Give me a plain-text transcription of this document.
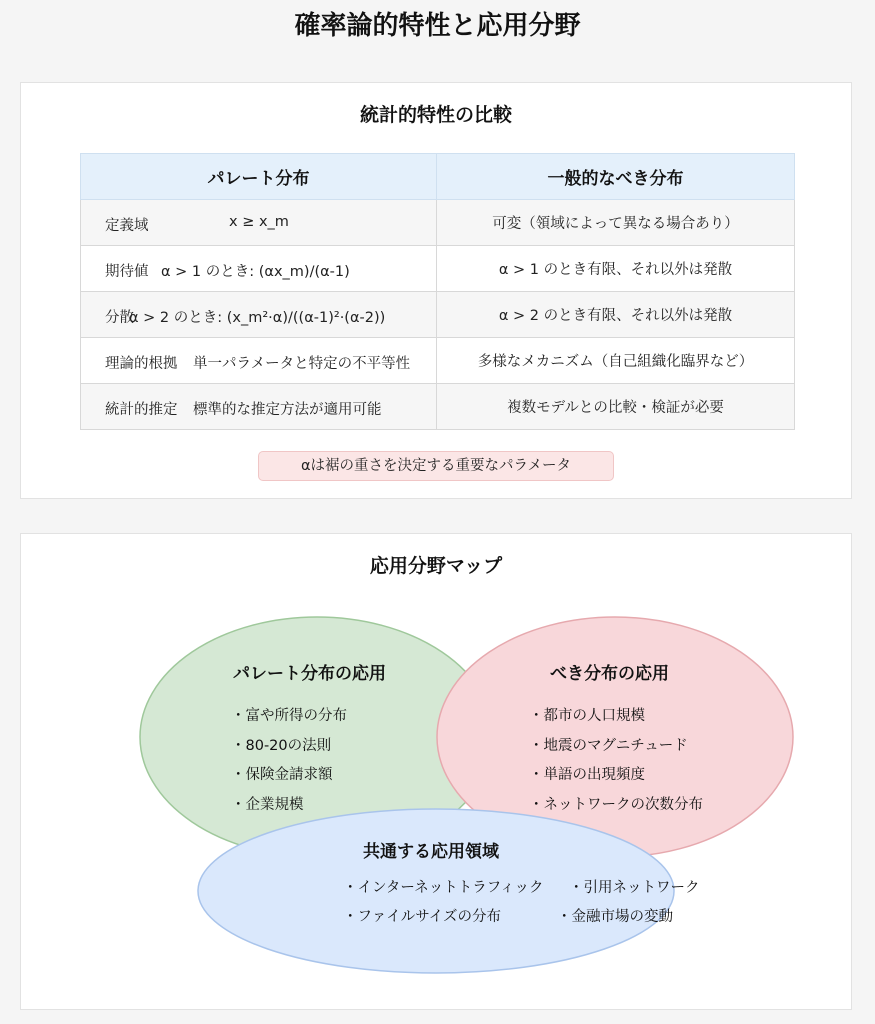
確率論的特性と応用分野
統計的特性の比較
パレート分布	一般的なべき分布

定義域 x ≥ x_m	可変（領域によって異なる場合あり）

期待値 α > 1 のとき: (αx_m)/(α-1)	α > 1 のとき有限、それ以外は発散

分散
α > 2 のとき: (x_m²·α)/((α-1)²·(α-2))	α > 2 のとき有限、それ以外は発散

理論的根拠 単一パラメータと特定の不平等性	多様なメカニズム（自己組織化臨界など）

統計的推定 標準的な推定方法が適用可能	複数モデルとの比較・検証が必要
αは裾の重さを決定する重要なパラメータ
応用分野マップ
パレート分布の応用
・富や所得の分布
・80-20の法則
・保険金請求額
・企業規模
べき分布の応用
・都市の人口規模
・地震のマグニチュード
・単語の出現頻度
・ネットワークの次数分布
共通する応用領域
・インターネットトラフィック ・引用ネットワーク
・ファイルサイズの分布	・金融市場の変動
